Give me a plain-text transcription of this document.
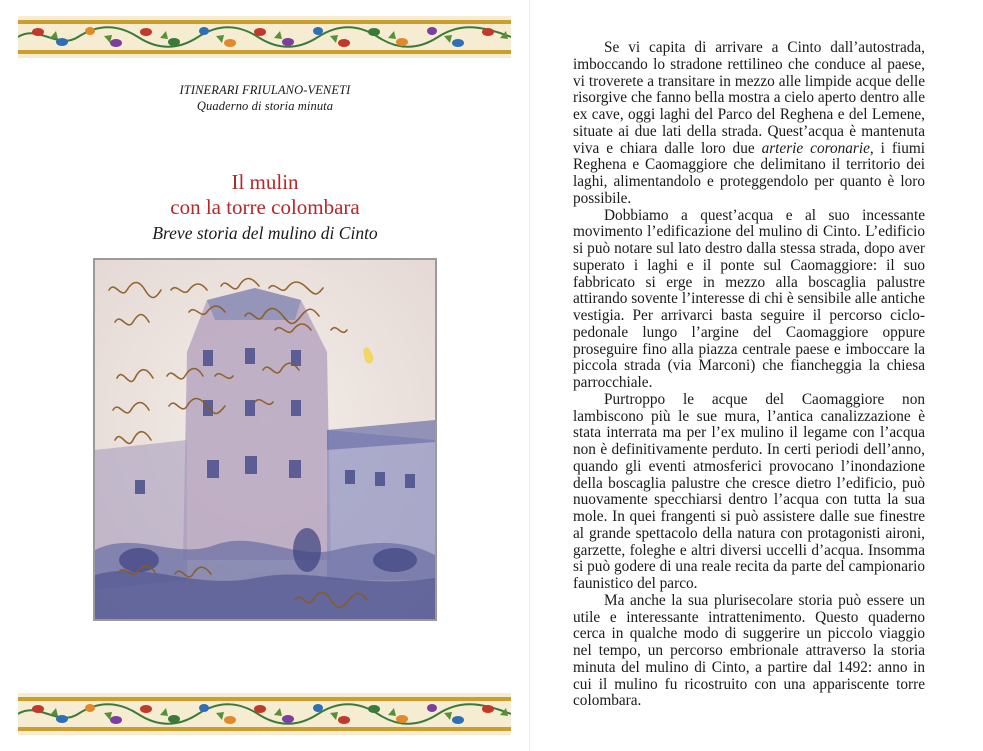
ITINERARI FRIULANO-VENETI
Quaderno di storia minuta
Il mulin
con la torre colombara
Breve storia del mulino di Cinto

Se vi capita di arrivare a Cinto dall’autostrada, imboccando lo stradone rettilineo che conduce al paese, vi troverete a transitare in mezzo alle limpide acque delle risorgive che fanno bella mostra a cielo aperto dentro alle ex cave, oggi laghi del Parco del Reghena e del Lemene, situate ai due lati della strada. Quest’acqua è mantenuta viva e chiara dalle loro due arterie coronarie, i fiumi Reghena e Caomaggiore che delimitano il territorio dei laghi, alimentandolo e proteggendolo per quanto è loro possibile.

Dobbiamo a quest’acqua e al suo incessante movimento l’edificazione del mulino di Cinto. L’edificio si può notare sul lato destro dalla stessa strada, dopo aver superato i laghi e il ponte sul Caomaggiore: il suo fabbricato si erge in mezzo alla boscaglia palustre attirando sovente l’interesse di chi è sensibile alle antiche vestigia. Per arrivarci basta seguire il percorso ciclo-pedonale lungo l’argine del Caomaggiore oppure proseguire fino alla piazza centrale paese e imboccare la piccola strada (via Marconi) che fiancheggia la chiesa parrocchiale.

Purtroppo le acque del Caomaggiore non lambiscono più le sue mura, l’antica canalizzazione è stata interrata ma per l’ex mulino il legame con l’acqua non è definitivamente perduto. In certi periodi dell’anno, quando gli eventi atmosferici provocano l’inondazione della boscaglia palustre che cresce dietro l’edificio, può nuovamente specchiarsi dentro l’acqua con tutta la sua mole. In quei frangenti si può assistere dalle sue finestre al grande spettacolo della natura con protagonisti aironi, garzette, foleghe e altri diversi uccelli d’acqua. Insomma si può godere di una reale recita da parte del campionario faunistico del parco.

Ma anche la sua plurisecolare storia può essere un utile e interessante intrattenimento. Questo quaderno cerca in qualche modo di suggerire un piccolo viaggio nel tempo, un percorso embrionale attraverso la storia minuta del mulino di Cinto, a partire dal 1492: anno in cui il mulino fu ricostruito con una appariscente torre colombara.
